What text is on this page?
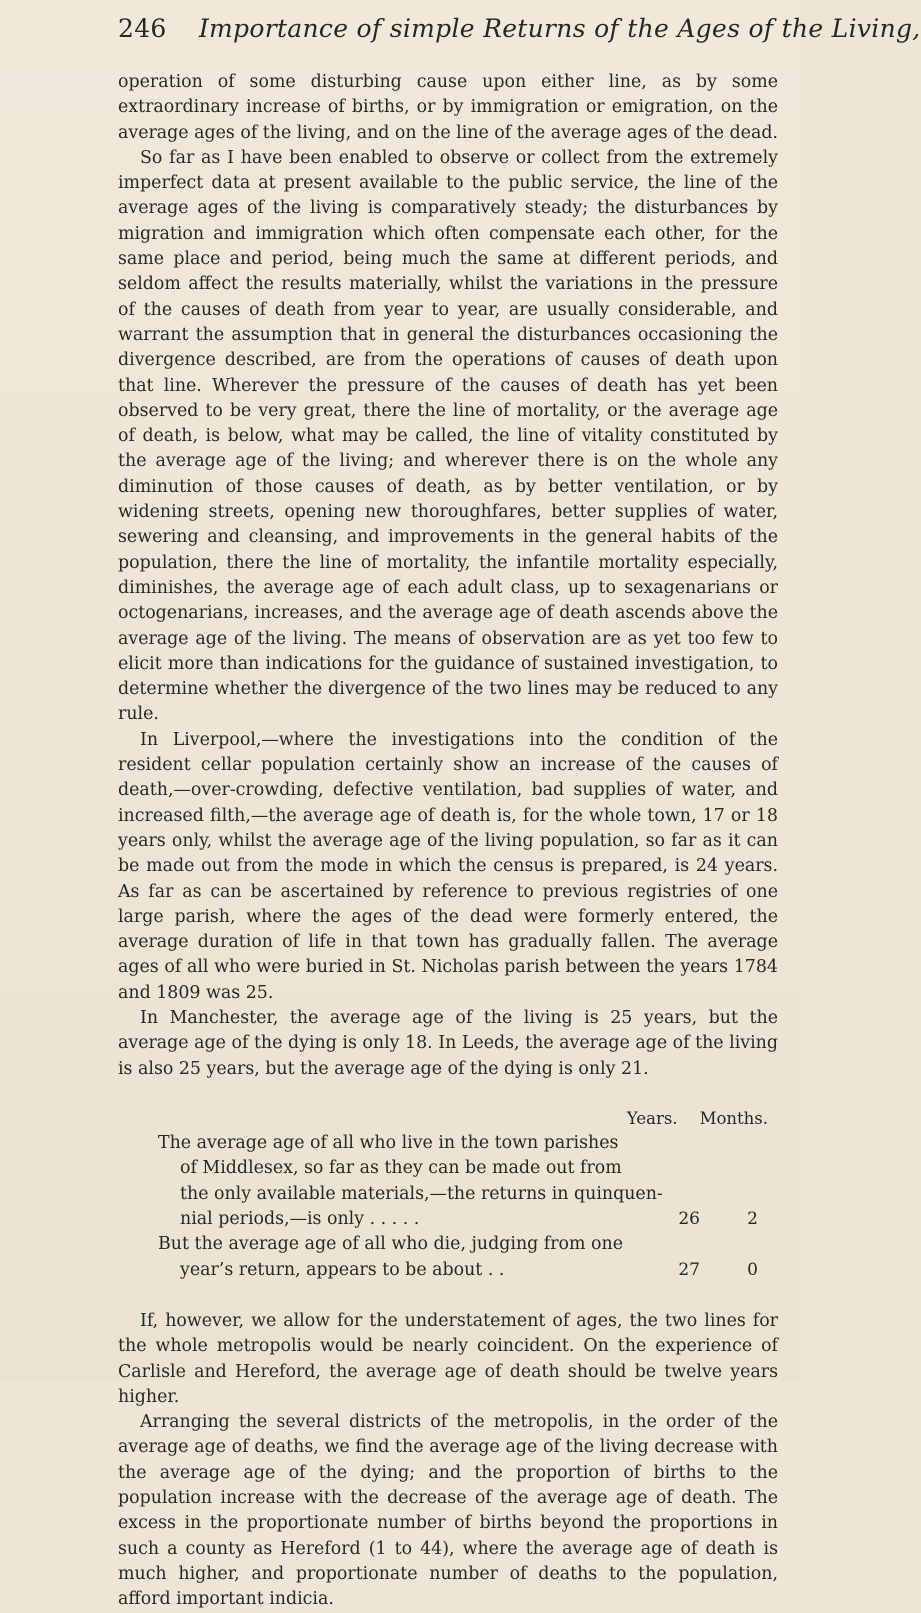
246 Importance of simple Returns of the Ages of the Living,

operation of some disturbing cause upon either line, as by some extraordinary increase of births, or by immigration or emigration, on the average ages of the living, and on the line of the average ages of the dead.

So far as I have been enabled to observe or collect from the extremely imperfect data at present available to the public service, the line of the average ages of the living is comparatively steady; the disturbances by migration and immigration which often compensate each other, for the same place and period, being much the same at different periods, and seldom affect the results materially, whilst the variations in the pressure of the causes of death from year to year, are usually considerable, and warrant the assumption that in general the disturbances occasioning the divergence described, are from the operations of causes of death upon that line. Wherever the pressure of the causes of death has yet been observed to be very great, there the line of mortality, or the average age of death, is below, what may be called, the line of vitality constituted by the average age of the living; and wherever there is on the whole any diminution of those causes of death, as by better ventilation, or by widening streets, opening new thoroughfares, better supplies of water, sewering and cleansing, and improvements in the general habits of the population, there the line of mortality, the infantile mortality especially, diminishes, the average age of each adult class, up to sexagenarians or octogenarians, increases, and the average age of death ascends above the average age of the living. The means of observation are as yet too few to elicit more than indications for the guidance of sustained investigation, to determine whether the divergence of the two lines may be reduced to any rule.

In Liverpool,—where the investigations into the condition of the resident cellar population certainly show an increase of the causes of death,—over-crowding, defective ventilation, bad supplies of water, and increased filth,—the average age of death is, for the whole town, 17 or 18 years only, whilst the average age of the living population, so far as it can be made out from the mode in which the census is prepared, is 24 years. As far as can be ascertained by reference to previous registries of one large parish, where the ages of the dead were formerly entered, the average duration of life in that town has gradually fallen. The average ages of all who were buried in St. Nicholas parish between the years 1784 and 1809 was 25.

In Manchester, the average age of the living is 25 years, but the average age of the dying is only 18. In Leeds, the average age of the living is also 25 years, but the average age of the dying is only 21.

Years. Months.
The average age of all who live in the town parishes
of Middlesex, so far as they can be made out from
the only available materials,—the returns in quinquen-
nial periods,—is only . . . . .	26	2
But the average age of all who die, judging from one
year’s return, appears to be about . .	27	0

If, however, we allow for the understatement of ages, the two lines for the whole metropolis would be nearly coincident. On the experience of Carlisle and Hereford, the average age of death should be twelve years higher.

Arranging the several districts of the metropolis, in the order of the average age of deaths, we find the average age of the living decrease with the average age of the dying; and the proportion of births to the population increase with the decrease of the average age of death. The excess in the proportionate number of births beyond the proportions in such a county as Hereford (1 to 44), where the average age of death is much higher, and proportionate number of deaths to the population, afford important indicia.
